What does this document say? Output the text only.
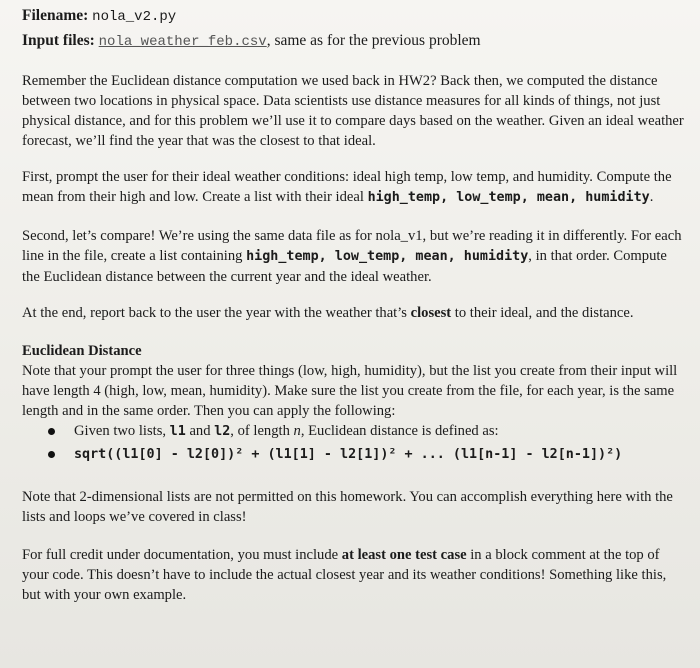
Filename: nola_v2.py
Input files: nola_weather_feb.csv, same as for the previous problem

Remember the Euclidean distance computation we used back in HW2? Back then, we computed the distance between two locations in physical space. Data scientists use distance measures for all kinds of things, not just physical distance, and for this problem we’ll use it to compare days based on the weather. Given an ideal weather forecast, we’ll find the year that was the closest to that ideal.

First, prompt the user for their ideal weather conditions: ideal high temp, low temp, and humidity. Compute the mean from their high and low. Create a list with their ideal high_temp, low_temp, mean, humidity.

Second, let’s compare! We’re using the same data file as for nola_v1, but we’re reading it in differently. For each line in the file, create a list containing high_temp, low_temp, mean, humidity, in that order. Compute the Euclidean distance between the current year and the ideal weather.

At the end, report back to the user the year with the weather that’s closest to their ideal, and the distance.

Euclidean Distance

Note that your prompt the user for three things (low, high, humidity), but the list you create from their input will have length 4 (high, low, mean, humidity). Make sure the list you create from the file, for each year, is the same length and in the same order. Then you can apply the following:

Given two lists, l1 and l2, of length n, Euclidean distance is defined as:
sqrt((l1[0] - l2[0])² + (l1[1] - l2[1])² + ... (l1[n-1] - l2[n-1])²)

Note that 2-dimensional lists are not permitted on this homework. You can accomplish everything here with the lists and loops we’ve covered in class!

For full credit under documentation, you must include at least one test case in a block comment at the top of your code. This doesn’t have to include the actual closest year and its weather conditions! Something like this, but with your own example.
